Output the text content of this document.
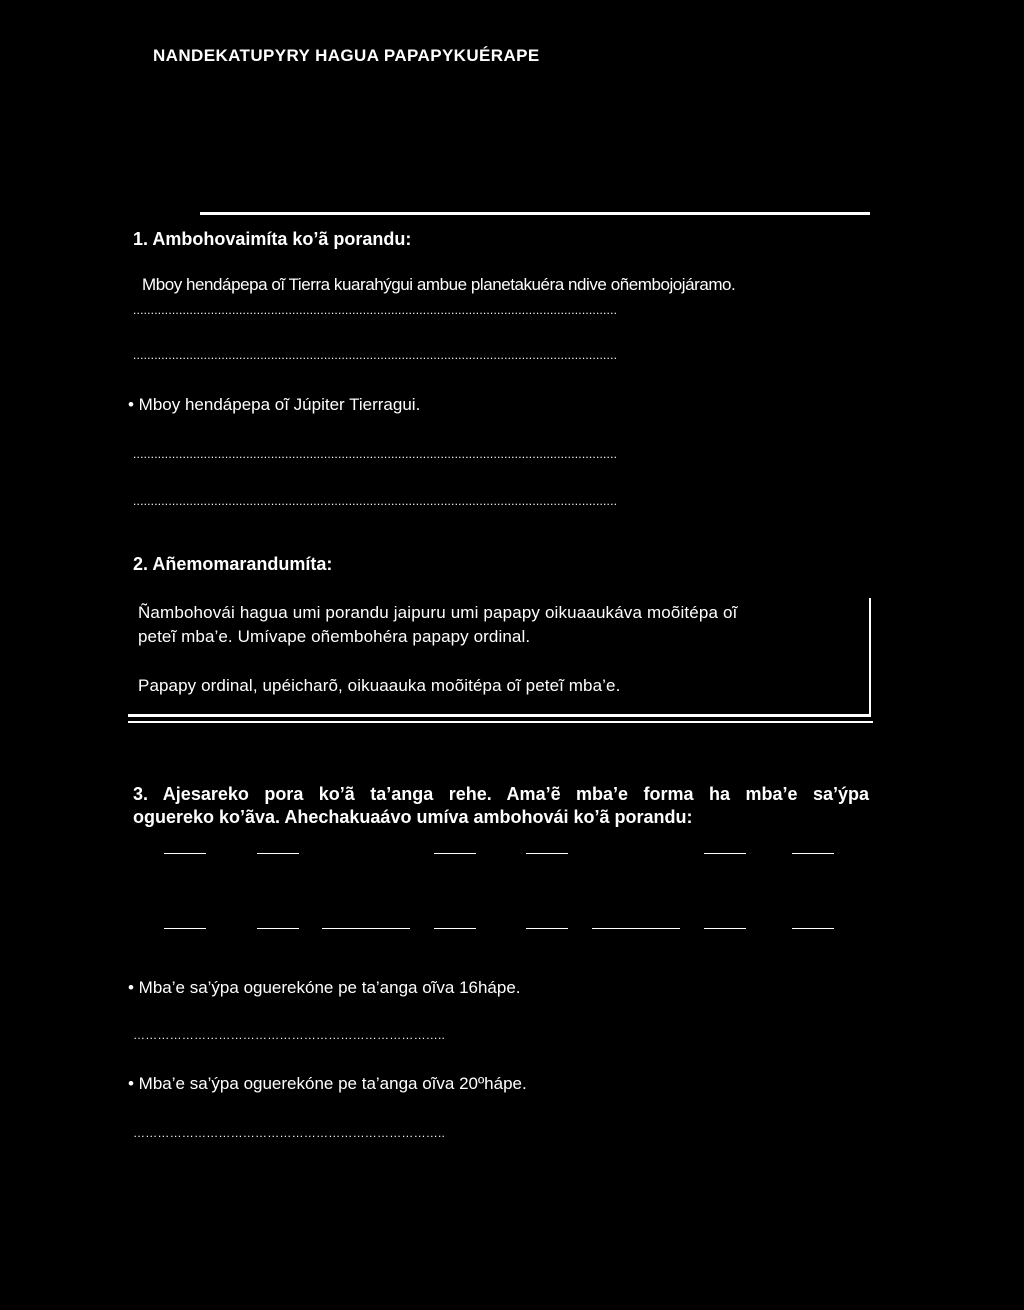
NANDEKATUPYRY HAGUA PAPAPYKUÉRAPE
1. Ambohovaimíta ko’ã porandu:
Mboy hendápepa oĩ Tierra kuarahýgui ambue planetakuéra ndive oñembojojáramo.
.........................................................................................................................................
.........................................................................................................................................
• Mboy hendápepa oĩ Júpiter Tierragui.
.........................................................................................................................................
.........................................................................................................................................
2. Añemomarandumíta:
Ñambohovái hagua umi porandu jaipuru umi papapy oikuaaukáva moõitépa oĩ
peteĩ mba’e. Umívape oñembohéra papapy ordinal.
Papapy ordinal, upéicharõ, oikuaauka moõitépa oĩ peteĩ mba’e.
3. Ajesareko pora ko’ã ta’anga rehe. Ama’ẽ mba’e forma ha mba’e sa’ýpa
oguereko ko’ãva. Ahechakuaávo umíva ambohovái ko’ã porandu:
• Mba’e sa’ýpa oguerekóne pe ta’anga oĩva 16hápe.
…………………………………………………………………..
• Mba’e sa’ýpa oguerekóne pe ta’anga oĩva 20ºhápe.
…………………………………………………………………..
